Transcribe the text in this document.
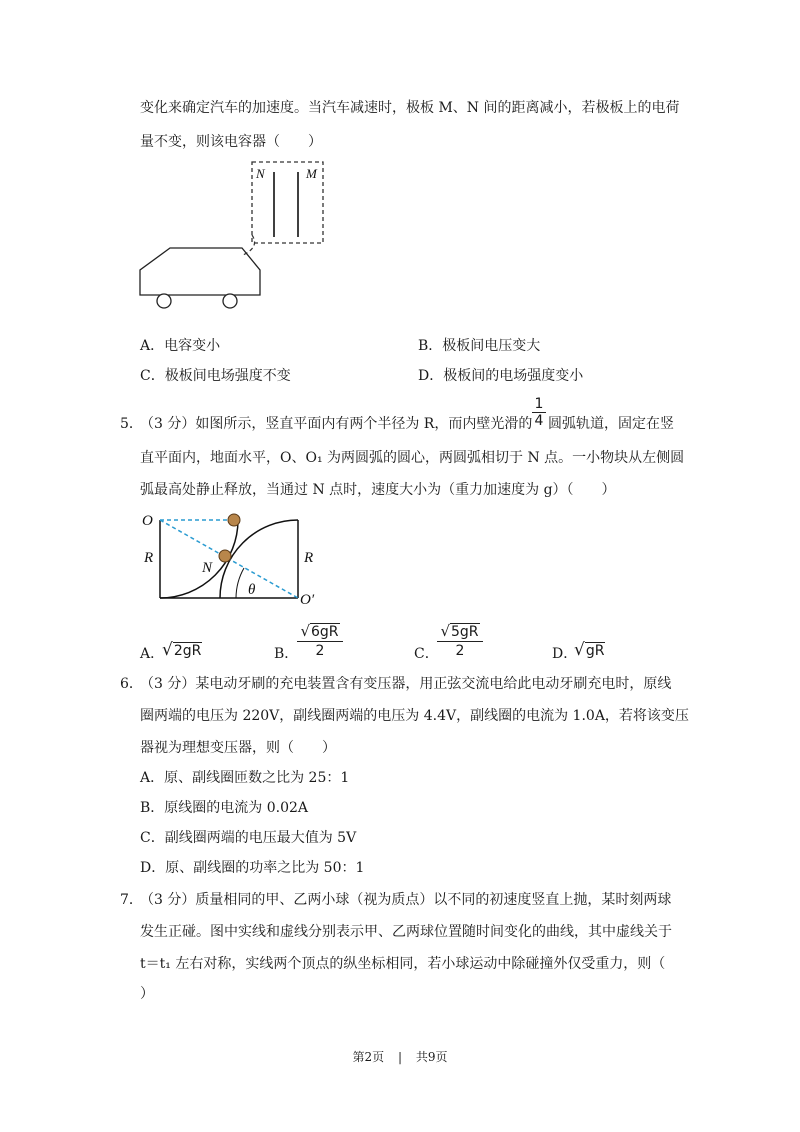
变化来确定汽车的加速度。当汽车减速时，极板 M、N 间的距离减小，若极板上的电荷
量不变，则该电容器（　　）
N	M
A．电容变小	B．极板间电压变大
C．极板间电场强度不变	D．极板间的电场强度变小
5．
（3 分）如图所示，竖直平面内有两个半径为 R，而内壁光滑的
1
4 圆弧轨道，固定在竖
直平面内，地面水平，O、O₁ 为两圆弧的圆心，两圆弧相切于 N 点。一小物块从左侧圆
弧最高处静止释放，当通过 N 点时，速度大小为（重力加速度为 g）（　　）
O
R	R
N
θ
O′
A．
√2gR	B．
√6gR
2	C．
√5gR
2	D．
√gR
6．
（3 分）某电动牙刷的充电装置含有变压器，用正弦交流电给此电动牙刷充电时，原线
圈两端的电压为 220V，副线圈两端的电压为 4.4V，副线圈的电流为 1.0A，若将该变压
器视为理想变压器，则（　　）
A．原、副线圈匝数之比为 25：1
B．原线圈的电流为 0.02A
C．副线圈两端的电压最大值为 5V
D．原、副线圈的功率之比为 50：1
7．
（3 分）质量相同的甲、乙两小球（视为质点）以不同的初速度竖直上抛，某时刻两球
发生正碰。图中实线和虚线分别表示甲、乙两球位置随时间变化的曲线，其中虚线关于
t＝t₁ 左右对称，实线两个顶点的纵坐标相同，若小球运动中除碰撞外仅受重力，则（
）
第2页 | 共9页
